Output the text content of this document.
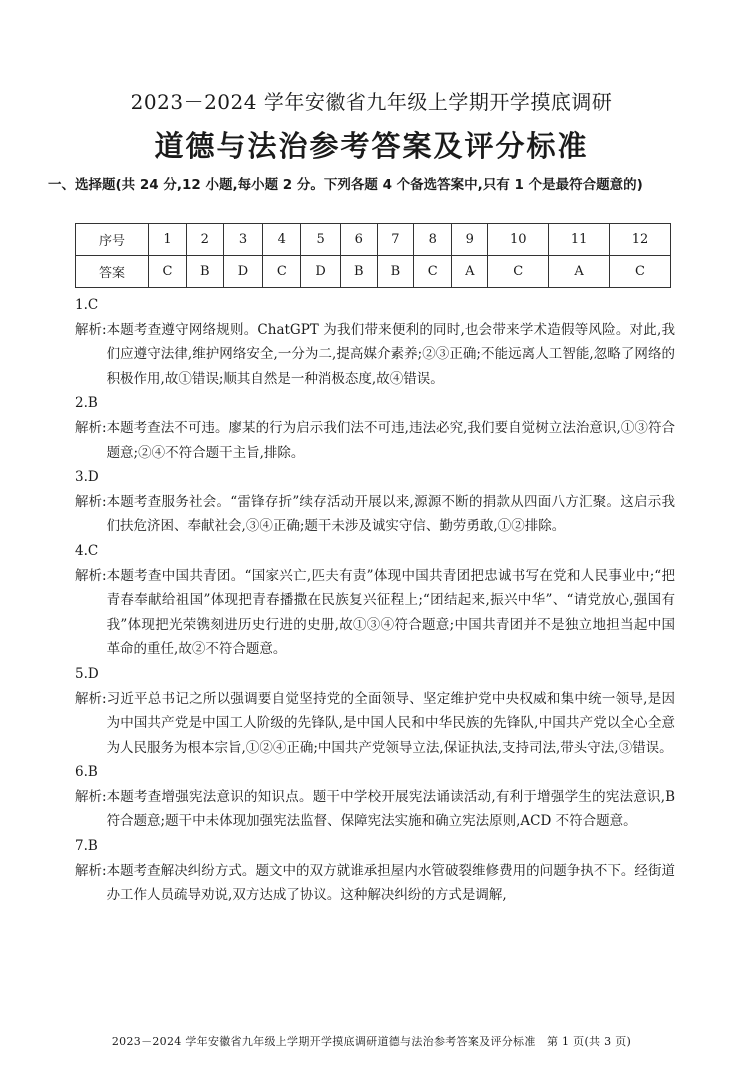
2023－2024 学年安徽省九年级上学期开学摸底调研
道德与法治参考答案及评分标准
一、选择题(共 24 分,12 小题,每小题 2 分。下列各题 4 个备选答案中,只有 1 个是最符合题意的)
序号	1	2	3	4	5	6	7	8	9	10	11	12
答案	C	B	D	C	D	B	B	C	A	C	A	C

1.C

解析: 本题考查遵守网络规则。ChatGPT 为我们带来便利的同时,也会带来学术造假等风险。对此,我们应遵守法律,维护网络安全,一分为二,提高媒介素养;②③正确;不能远离人工智能,忽略了网络的积极作用,故①错误;顺其自然是一种消极态度,故④错误。

2.B

解析: 本题考查法不可违。廖某的行为启示我们法不可违,违法必究,我们要自觉树立法治意识,①③符合题意;②④不符合题干主旨,排除。

3.D

解析: 本题考查服务社会。“雷锋存折”续存活动开展以来,源源不断的捐款从四面八方汇聚。这启示我们扶危济困、奉献社会,③④正确;题干未涉及诚实守信、勤劳勇敢,①②排除。

4.C

解析: 本题考查中国共青团。“国家兴亡,匹夫有责”体现中国共青团把忠诚书写在党和人民事业中;“把青春奉献给祖国”体现把青春播撒在民族复兴征程上;“团结起来,振兴中华”、“请党放心,强国有我”体现把光荣镌刻进历史行进的史册,故①③④符合题意;中国共青团并不是独立地担当起中国革命的重任,故②不符合题意。

5.D

解析: 习近平总书记之所以强调要自觉坚持党的全面领导、坚定维护党中央权威和集中统一领导,是因为中国共产党是中国工人阶级的先锋队,是中国人民和中华民族的先锋队,中国共产党以全心全意为人民服务为根本宗旨,①②④正确;中国共产党领导立法,保证执法,支持司法,带头守法,③错误。

6.B

解析: 本题考查增强宪法意识的知识点。题干中学校开展宪法诵读活动,有利于增强学生的宪法意识,B 符合题意;题干中未体现加强宪法监督、保障宪法实施和确立宪法原则,ACD 不符合题意。

7.B

解析: 本题考查解决纠纷方式。题文中的双方就谁承担屋内水管破裂维修费用的问题争执不下。经街道办工作人员疏导劝说,双方达成了协议。这种解决纠纷的方式是调解,
2023－2024 学年安徽省九年级上学期开学摸底调研道德与法治参考答案及评分标准　第 1 页(共 3 页)
